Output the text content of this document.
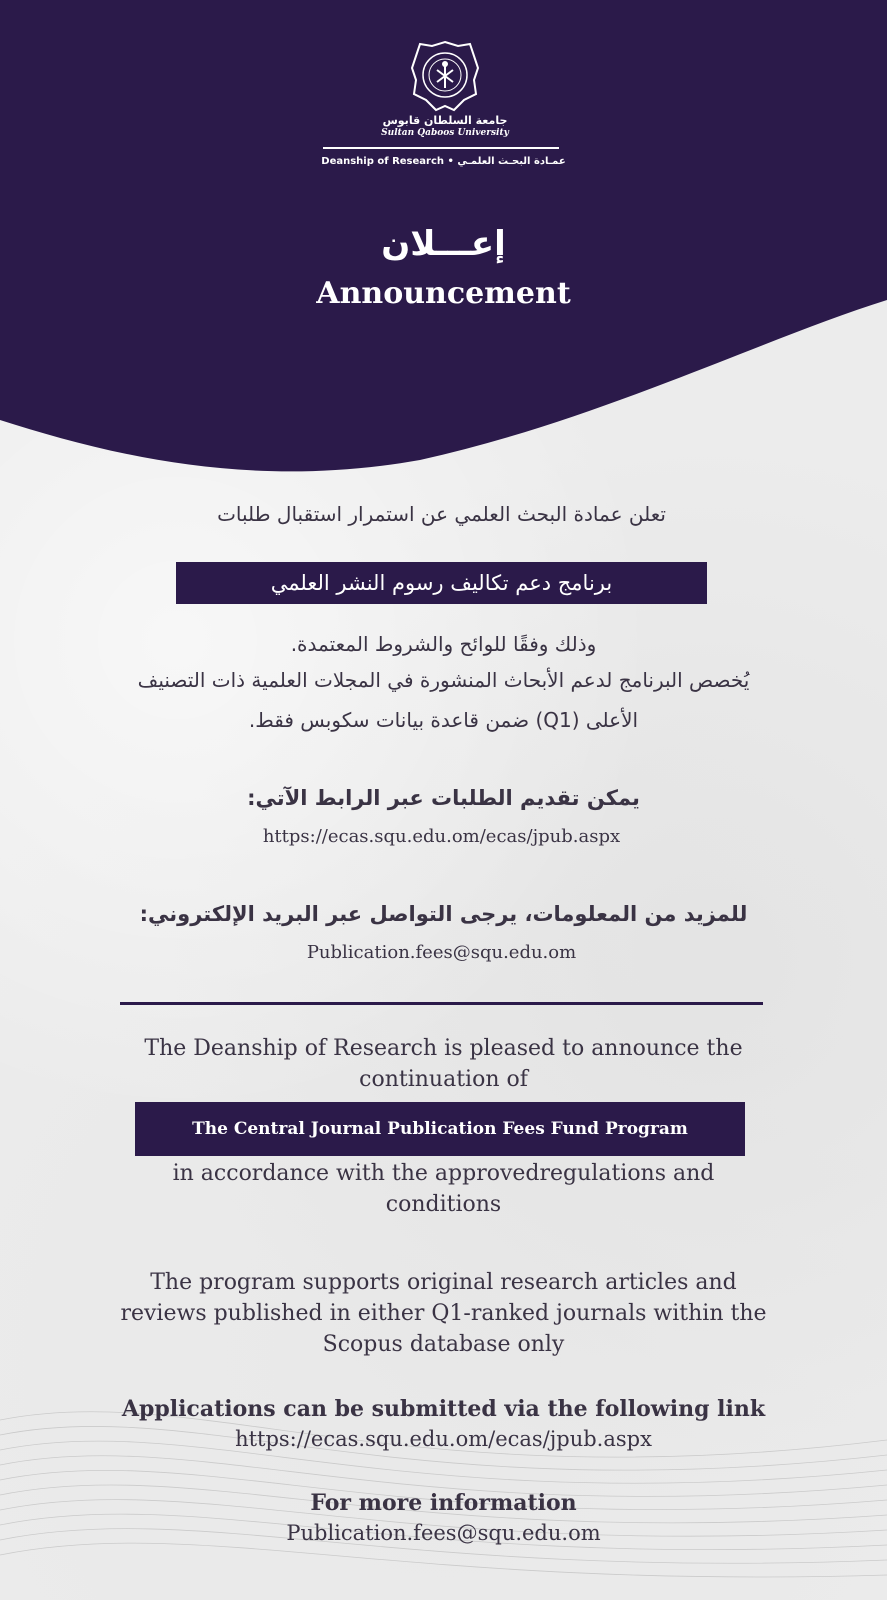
جامعة السلطان قابوس
Sultan Qaboos University
Deanship of Research • عمـادة البحـث العلمـي
إعـــلان
Announcement
تعلن عمادة البحث العلمي عن استمرار استقبال طلبات
برنامج دعم تكاليف رسوم النشر العلمي
وذلك وفقًا للوائح والشروط المعتمدة.
يُخصص البرنامج لدعم الأبحاث المنشورة في المجلات العلمية ذات التصنيف
الأعلى (Q1) ضمن قاعدة بيانات سكوبس فقط.
يمكن تقديم الطلبات عبر الرابط الآتي:
https://ecas.squ.edu.om/ecas/jpub.aspx
للمزيد من المعلومات، يرجى التواصل عبر البريد الإلكتروني:
Publication.fees@squ.edu.om
The Deanship of Research is pleased to announce the
continuation of
The Central Journal Publication Fees Fund Program
in accordance with the approvedregulations and
conditions
The program supports original research articles and
reviews published in either Q1-ranked journals within the
Scopus database only
Applications can be submitted via the following link
https://ecas.squ.edu.om/ecas/jpub.aspx
For more information
Publication.fees@squ.edu.om
